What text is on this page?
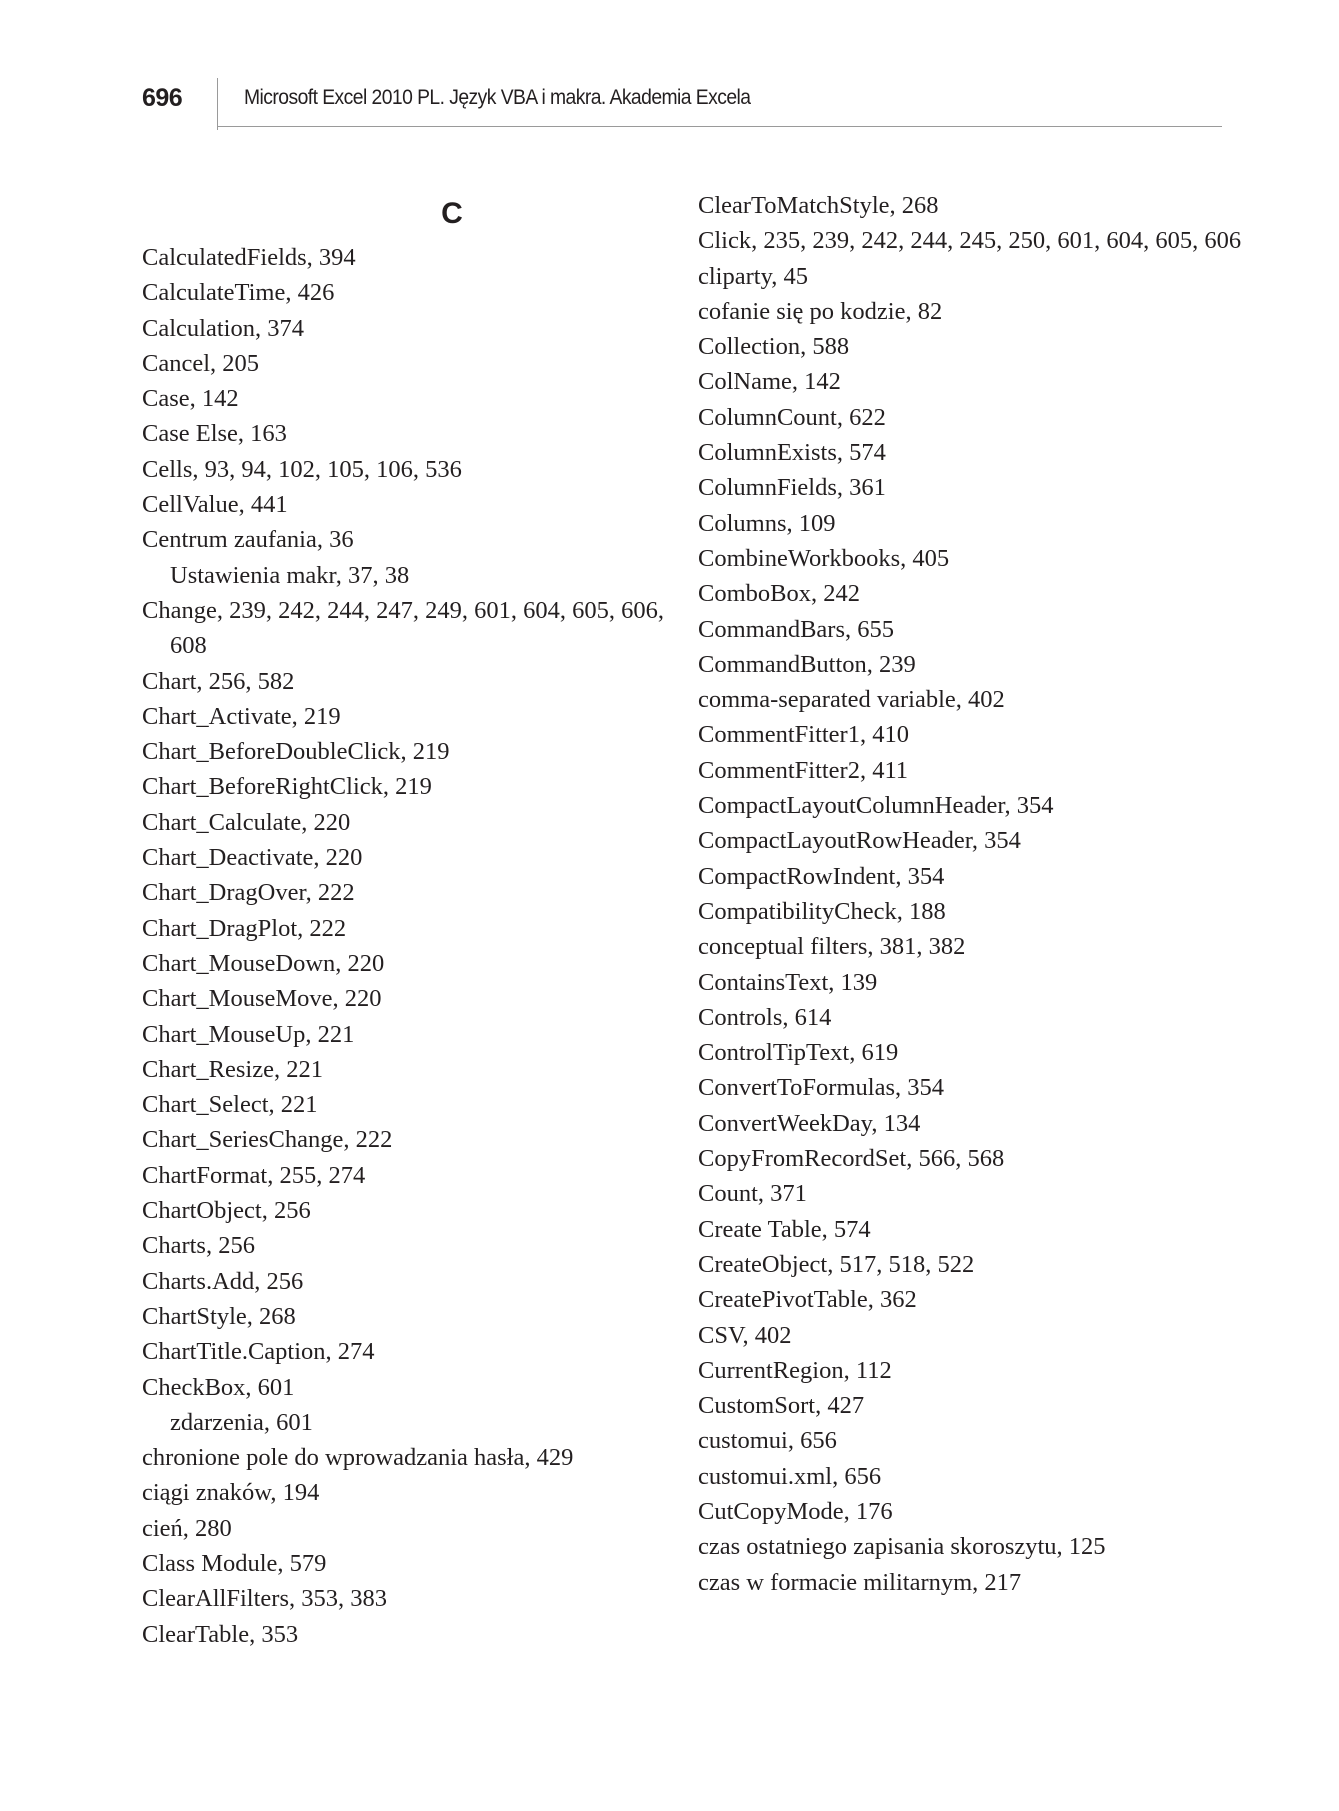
696	Microsoft Excel 2010 PL. Język VBA i makra. Akademia Excela
C
CalculatedFields, 394
CalculateTime, 426
Calculation, 374
Cancel, 205
Case, 142
Case Else, 163
Cells, 93, 94, 102, 105, 106, 536
CellValue, 441
Centrum zaufania, 36
Ustawienia makr, 37, 38
Change, 239, 242, 244, 247, 249, 601, 604, 605, 606, 608
Chart, 256, 582
Chart_Activate, 219
Chart_BeforeDoubleClick, 219
Chart_BeforeRightClick, 219
Chart_Calculate, 220
Chart_Deactivate, 220
Chart_DragOver, 222
Chart_DragPlot, 222
Chart_MouseDown, 220
Chart_MouseMove, 220
Chart_MouseUp, 221
Chart_Resize, 221
Chart_Select, 221
Chart_SeriesChange, 222
ChartFormat, 255, 274
ChartObject, 256
Charts, 256
Charts.Add, 256
ChartStyle, 268
ChartTitle.Caption, 274
CheckBox, 601
zdarzenia, 601
chronione pole do wprowadzania hasła, 429
ciągi znaków, 194
cień, 280
Class Module, 579
ClearAllFilters, 353, 383
ClearTable, 353
ClearToMatchStyle, 268
Click, 235, 239, 242, 244, 245, 250, 601, 604, 605, 606
cliparty, 45
cofanie się po kodzie, 82
Collection, 588
ColName, 142
ColumnCount, 622
ColumnExists, 574
ColumnFields, 361
Columns, 109
CombineWorkbooks, 405
ComboBox, 242
CommandBars, 655
CommandButton, 239
comma-separated variable, 402
CommentFitter1, 410
CommentFitter2, 411
CompactLayoutColumnHeader, 354
CompactLayoutRowHeader, 354
CompactRowIndent, 354
CompatibilityCheck, 188
conceptual filters, 381, 382
ContainsText, 139
Controls, 614
ControlTipText, 619
ConvertToFormulas, 354
ConvertWeekDay, 134
CopyFromRecordSet, 566, 568
Count, 371
Create Table, 574
CreateObject, 517, 518, 522
CreatePivotTable, 362
CSV, 402
CurrentRegion, 112
CustomSort, 427
customui, 656
customui.xml, 656
CutCopyMode, 176
czas ostatniego zapisania skoroszytu, 125
czas w formacie militarnym, 217
